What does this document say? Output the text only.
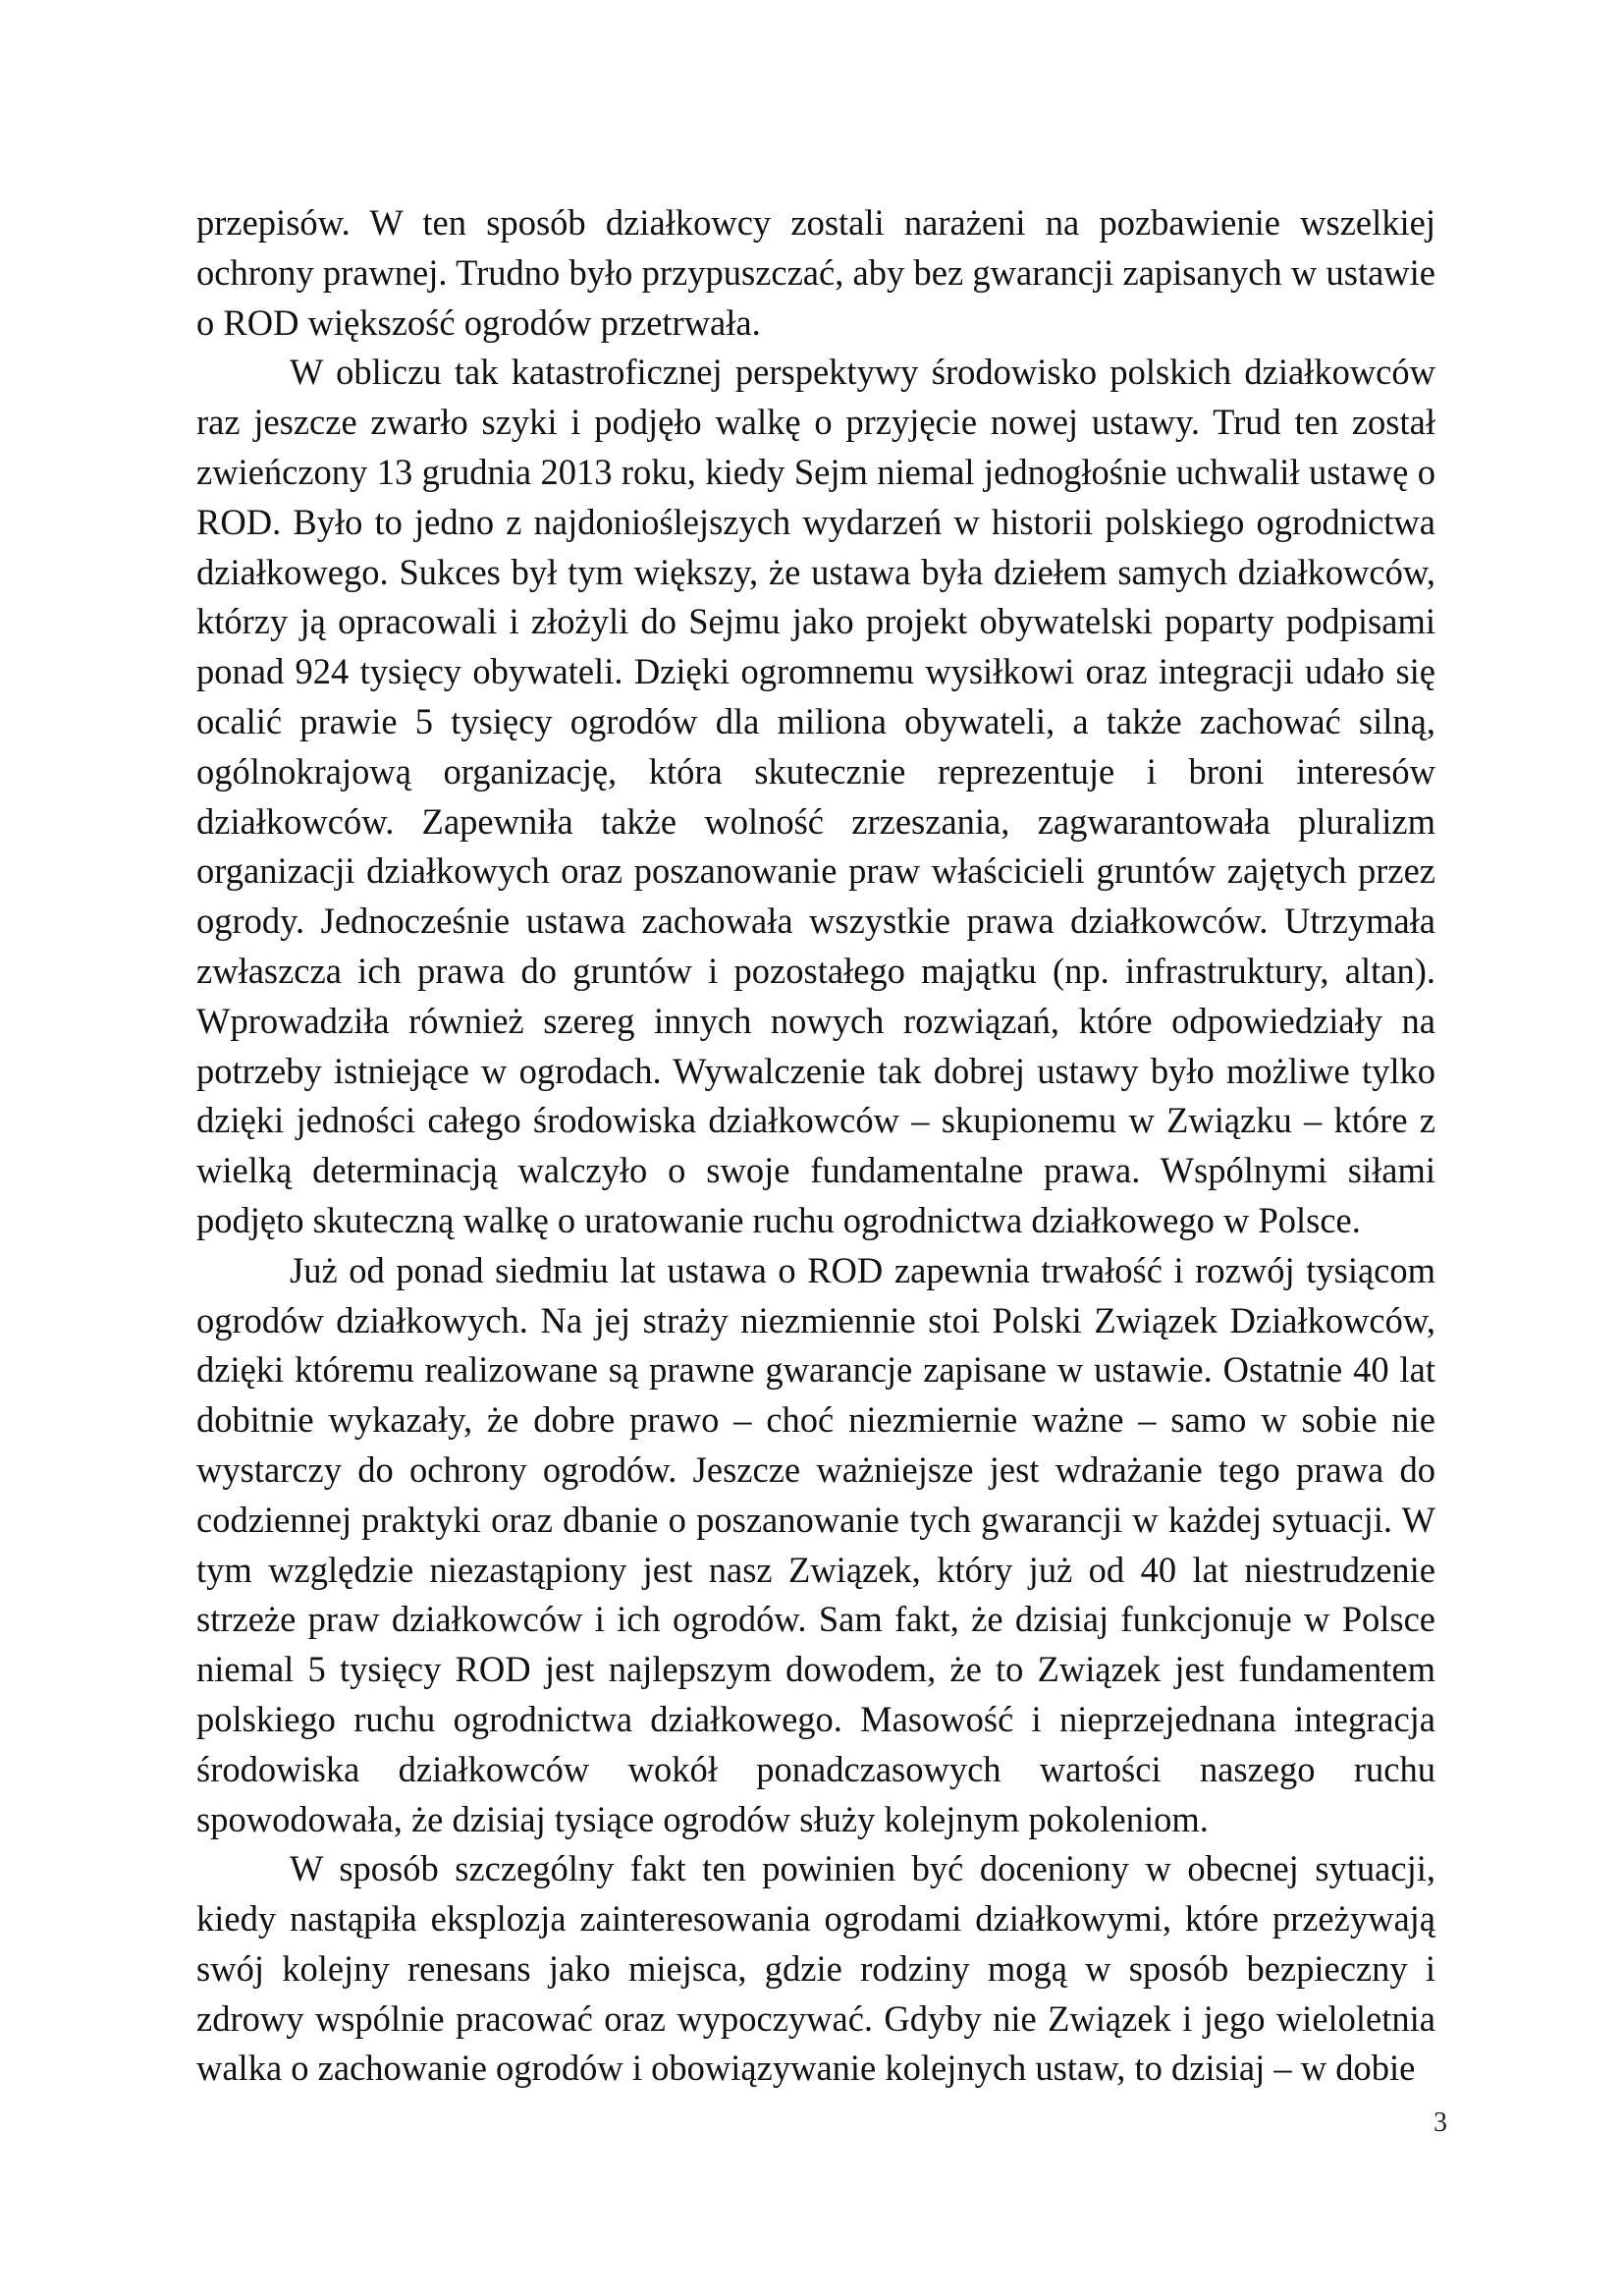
przepisów. W ten sposób działkowcy zostali narażeni na pozbawienie wszelkiej ochrony prawnej. Trudno było przypuszczać, aby bez gwarancji zapisanych w ustawie o ROD większość ogrodów przetrwała.

W obliczu tak katastroficznej perspektywy środowisko polskich działkowców raz jeszcze zwarło szyki i podjęło walkę o przyjęcie nowej ustawy. Trud ten został zwieńczony 13 grudnia 2013 roku, kiedy Sejm niemal jednogłośnie uchwalił ustawę o ROD. Było to jedno z najdonioślejszych wydarzeń w historii polskiego ogrodnictwa działkowego. Sukces był tym większy, że ustawa była dziełem samych działkowców, którzy ją opracowali i złożyli do Sejmu jako projekt obywatelski poparty podpisami ponad 924 tysięcy obywateli. Dzięki ogromnemu wysiłkowi oraz integracji udało się ocalić prawie 5 tysięcy ogrodów dla miliona obywateli, a także zachować silną, ogólnokrajową organizację, która skutecznie reprezentuje i broni interesów działkowców. Zapewniła także wolność zrzeszania, zagwarantowała pluralizm organizacji działkowych oraz poszanowanie praw właścicieli gruntów zajętych przez ogrody. Jednocześnie ustawa zachowała wszystkie prawa działkowców. Utrzymała zwłaszcza ich prawa do gruntów i pozostałego majątku (np. infrastruktury, altan). Wprowadziła również szereg innych nowych rozwiązań, które odpowiedziały na potrzeby istniejące w ogrodach. Wywalczenie tak dobrej ustawy było możliwe tylko dzięki jedności całego środowiska działkowców – skupionemu w Związku – które z wielką determinacją walczyło o swoje fundamentalne prawa. Wspólnymi siłami podjęto skuteczną walkę o uratowanie ruchu ogrodnictwa działkowego w Polsce.

Już od ponad siedmiu lat ustawa o ROD zapewnia trwałość i rozwój tysiącom ogrodów działkowych. Na jej straży niezmiennie stoi Polski Związek Działkowców, dzięki któremu realizowane są prawne gwarancje zapisane w ustawie. Ostatnie 40 lat dobitnie wykazały, że dobre prawo – choć niezmiernie ważne – samo w sobie nie wystarczy do ochrony ogrodów. Jeszcze ważniejsze jest wdrażanie tego prawa do codziennej praktyki oraz dbanie o poszanowanie tych gwarancji w każdej sytuacji. W tym względzie niezastąpiony jest nasz Związek, który już od 40 lat niestrudzenie strzeże praw działkowców i ich ogrodów. Sam fakt, że dzisiaj funkcjonuje w Polsce niemal 5 tysięcy ROD jest najlepszym dowodem, że to Związek jest fundamentem polskiego ruchu ogrodnictwa działkowego. Masowość i nieprzejednana integracja środowiska działkowców wokół ponadczasowych wartości naszego ruchu spowodowała, że dzisiaj tysiące ogrodów służy kolejnym pokoleniom.

W sposób szczególny fakt ten powinien być doceniony w obecnej sytuacji, kiedy nastąpiła eksplozja zainteresowania ogrodami działkowymi, które przeżywają swój kolejny renesans jako miejsca, gdzie rodziny mogą w sposób bezpieczny i zdrowy wspólnie pracować oraz wypoczywać. Gdyby nie Związek i jego wieloletnia walka o zachowanie ogrodów i obowiązywanie kolejnych ustaw, to dzisiaj – w dobie

3
